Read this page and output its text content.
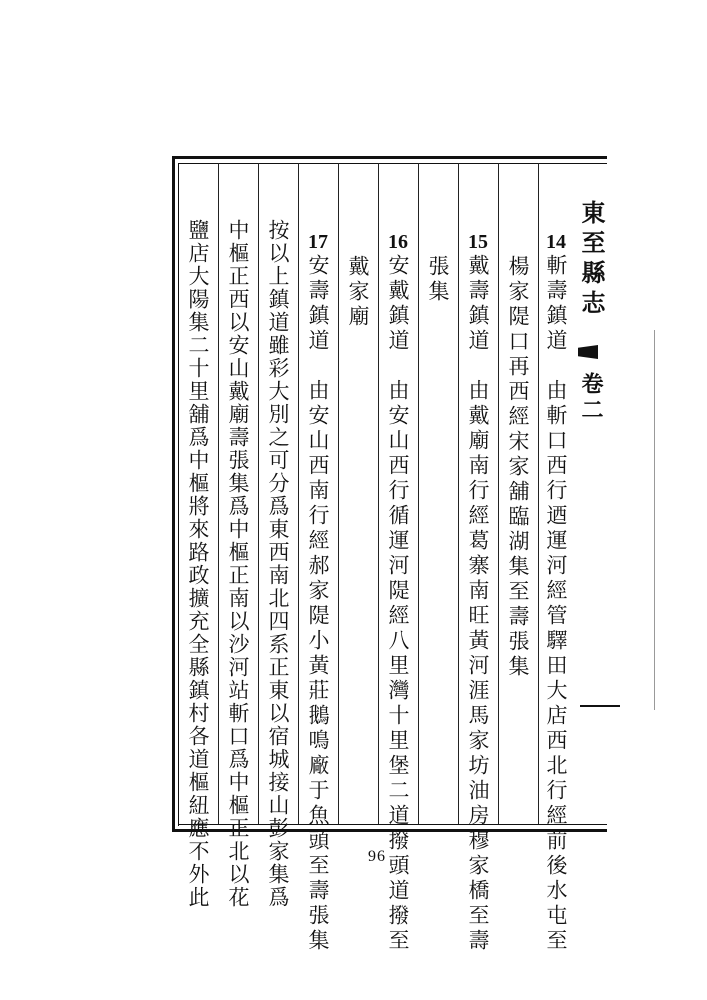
東至縣志
卷二
14斬壽鎮道　由斬口西行迺運河經管驛田大店西北行經前後水屯至
楊家隄口再西經宋家舖臨湖集至壽張集
15戴壽鎮道　由戴廟南行經葛寨南旺黃河涯馬家坊油房穆家橋至壽
張集
16安戴鎮道　由安山西行循運河隄經八里灣十里堡二道撥頭道撥至
戴家廟
17安壽鎮道　由安山西南行經郝家隄小黃莊鵝鳴廠于魚頭至壽張集
按以上鎮道雖彩大別之可分爲東西南北四系正東以宿城接山彭家集爲
中樞正西以安山戴廟壽張集爲中樞正南以沙河站斬口爲中樞正北以花
鹽店大陽集二十里舖爲中樞將來路政擴充全縣鎮村各道樞紐應不外此	96
